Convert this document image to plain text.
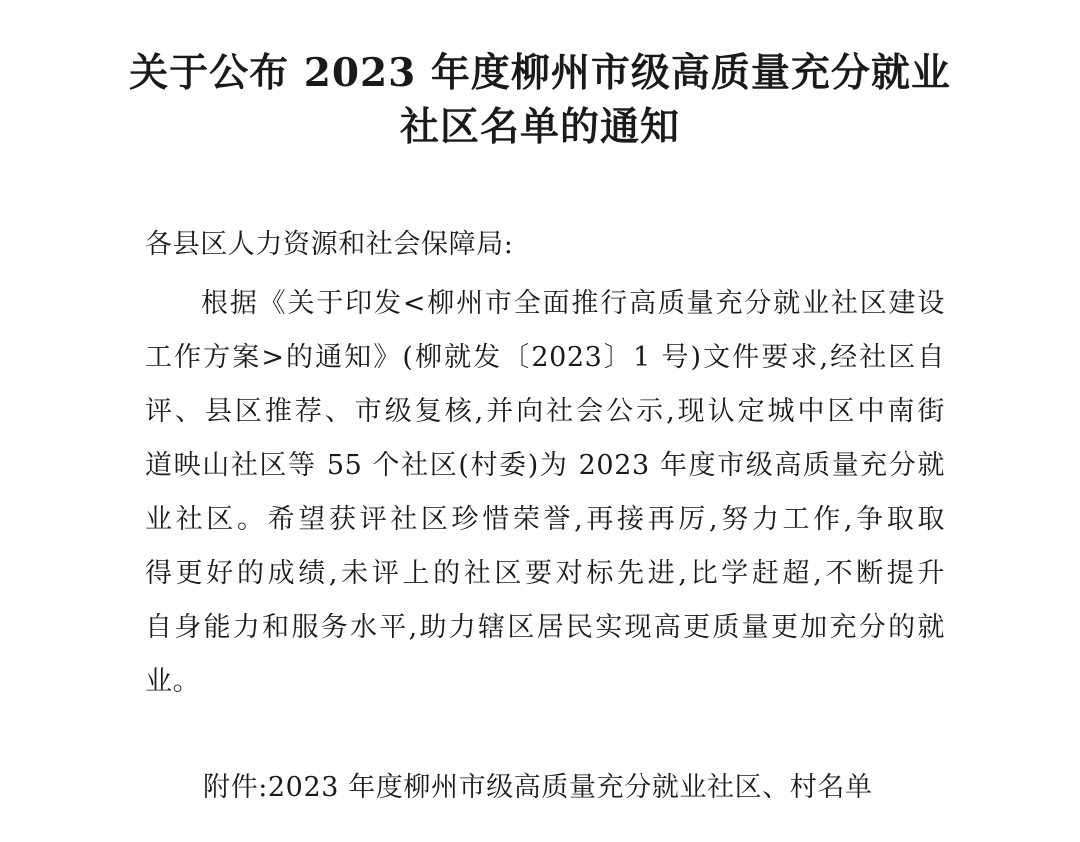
关于公布 2023 年度柳州市级高质量充分就业
社区名单的通知

各县区人力资源和社会保障局:

根据《关于印发<柳州市全面推行高质量充分就业社区建设
工作方案>的通知》(柳就发〔2023〕1 号)文件要求,经社区自
评、县区推荐、市级复核,并向社会公示,现认定城中区中南街
道映山社区等 55 个社区(村委)为 2023 年度市级高质量充分就
业社区。希望获评社区珍惜荣誉,再接再厉,努力工作,争取取
得更好的成绩,未评上的社区要对标先进,比学赶超,不断提升
自身能力和服务水平,助力辖区居民实现高更质量更加充分的就
业。

附件:2023 年度柳州市级高质量充分就业社区、村名单
